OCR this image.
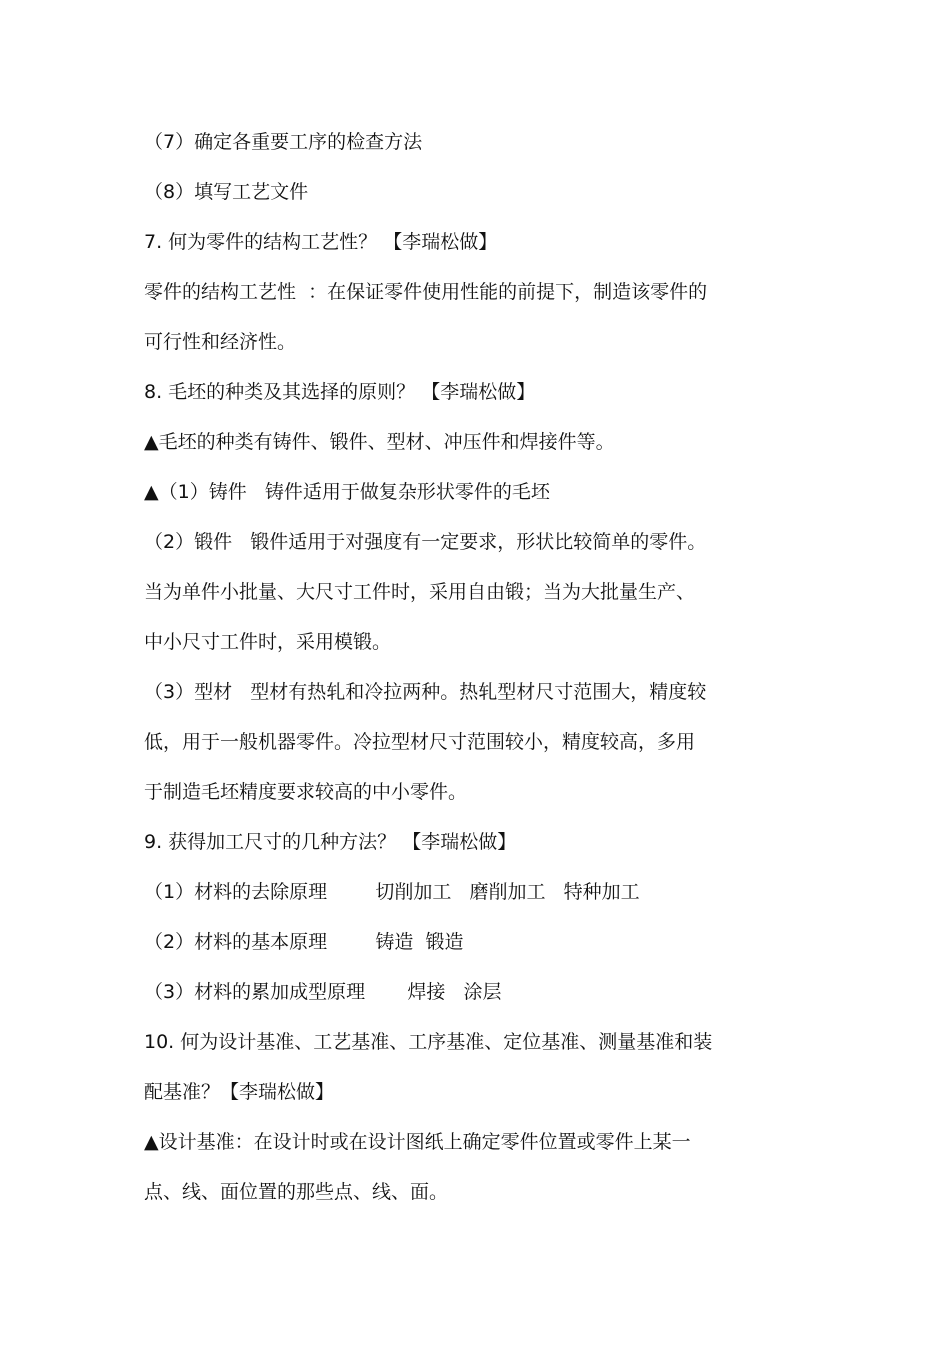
（7）确定各重要工序的检查方法
（8）填写工艺文件
7. 何为零件的结构工艺性？ 【李瑞松做】
零件的结构工艺性  ：在保证零件使用性能的前提下，制造该零件的
可行性和经济性。
8. 毛坯的种类及其选择的原则？ 【李瑞松做】
▲毛坯的种类有铸件、锻件、型材、冲压件和焊接件等。
▲（1）铸件   铸件适用于做复杂形状零件的毛坯
（2）锻件   锻件适用于对强度有一定要求，形状比较简单的零件。
当为单件小批量、大尺寸工件时，采用自由锻；当为大批量生产、
中小尺寸工件时，采用模锻。
（3）型材   型材有热轧和冷拉两种。热轧型材尺寸范围大，精度较
低，用于一般机器零件。冷拉型材尺寸范围较小，精度较高，多用
于制造毛坯精度要求较高的中小零件。
9. 获得加工尺寸的几种方法？ 【李瑞松做】
（1）材料的去除原理        切削加工   磨削加工   特种加工
（2）材料的基本原理        铸造  锻造
（3）材料的累加成型原理       焊接   涂层
10. 何为设计基准、工艺基准、工序基准、定位基准、测量基准和装
配基准？【李瑞松做】
▲设计基准：在设计时或在设计图纸上确定零件位置或零件上某一
点、线、面位置的那些点、线、面。
